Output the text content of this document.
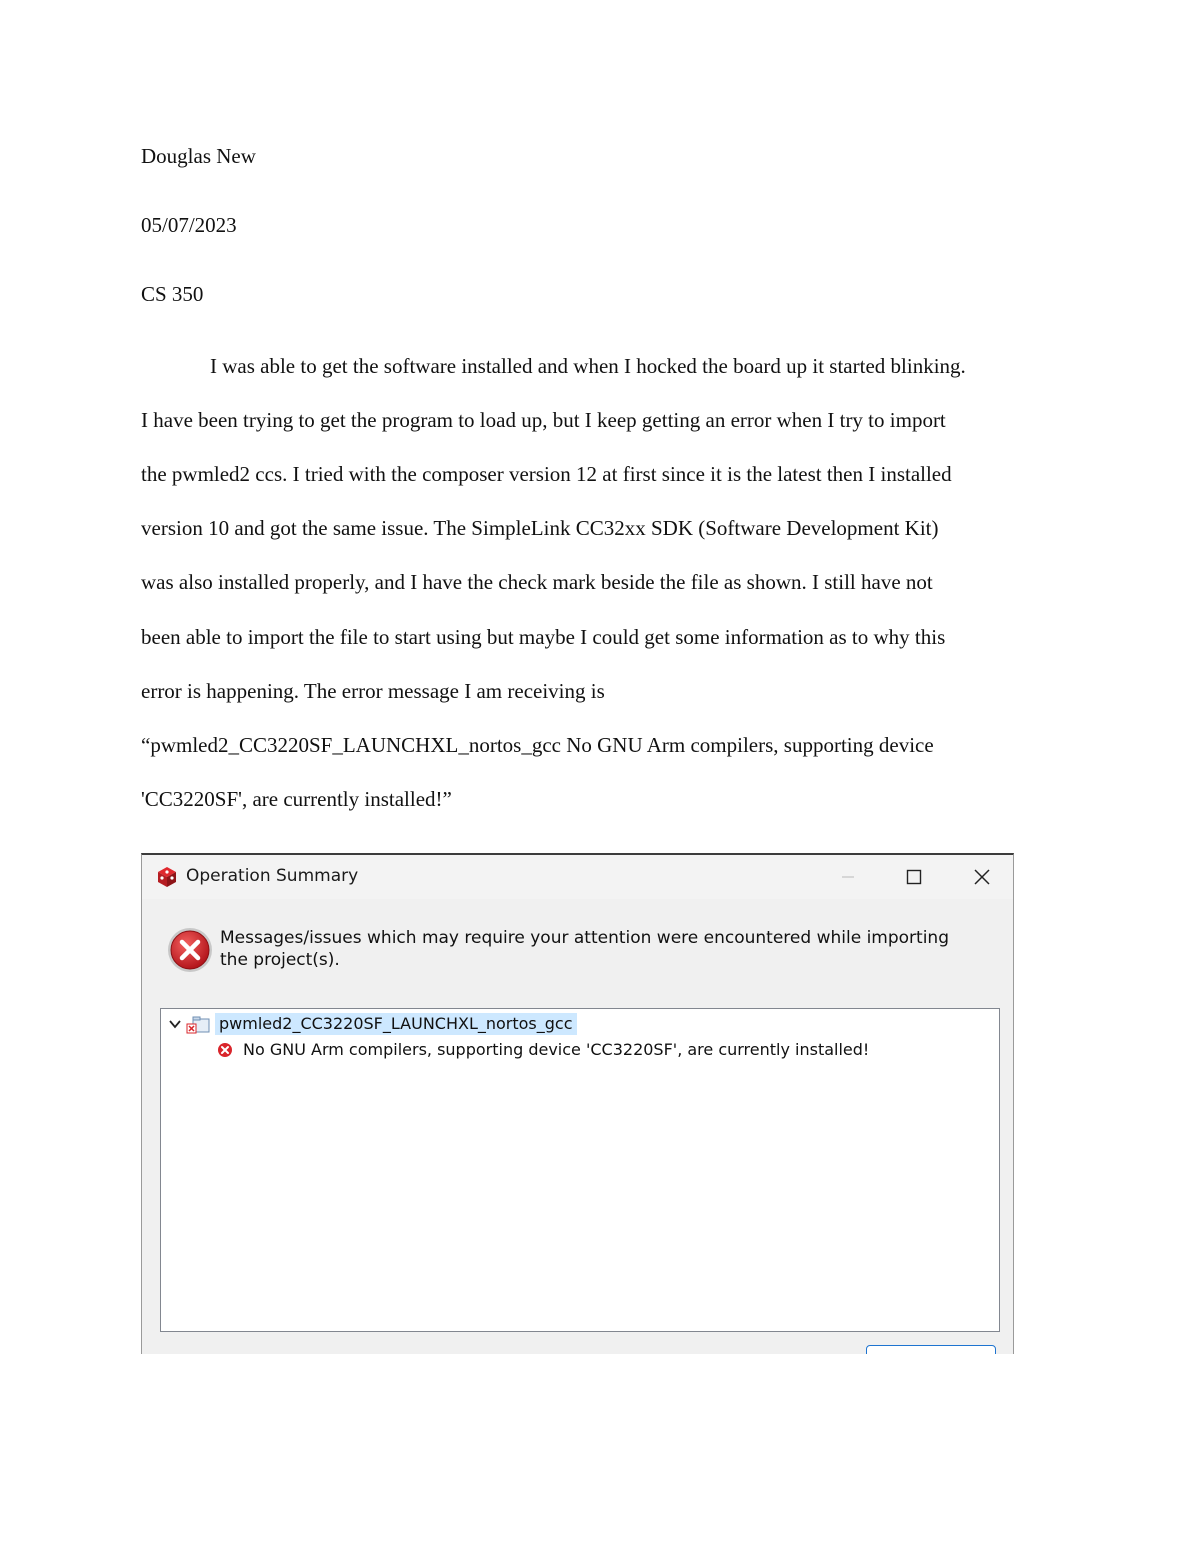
Douglas New

05/07/2023

CS 350

I was able to get the software installed and when I hocked the board up it started blinking.
I have been trying to get the program to load up, but I keep getting an error when I try to import
the pwmled2 ccs. I tried with the composer version 12 at first since it is the latest then I installed
version 10 and got the same issue. The SimpleLink CC32xx SDK (Software Development Kit)
was also installed properly, and I have the check mark beside the file as shown. I still have not
been able to import the file to start using but maybe I could get some information as to why this
error is happening. The error message I am receiving is
“pwmled2_CC3220SF_LAUNCHXL_nortos_gcc No GNU Arm compilers, supporting device
'CC3220SF', are currently installed!”
Operation Summary
Messages/issues which may require your attention were encountered while importing the project(s).
pwmled2_CC3220SF_LAUNCHXL_nortos_gcc
No GNU Arm compilers, supporting device 'CC3220SF', are currently installed!
